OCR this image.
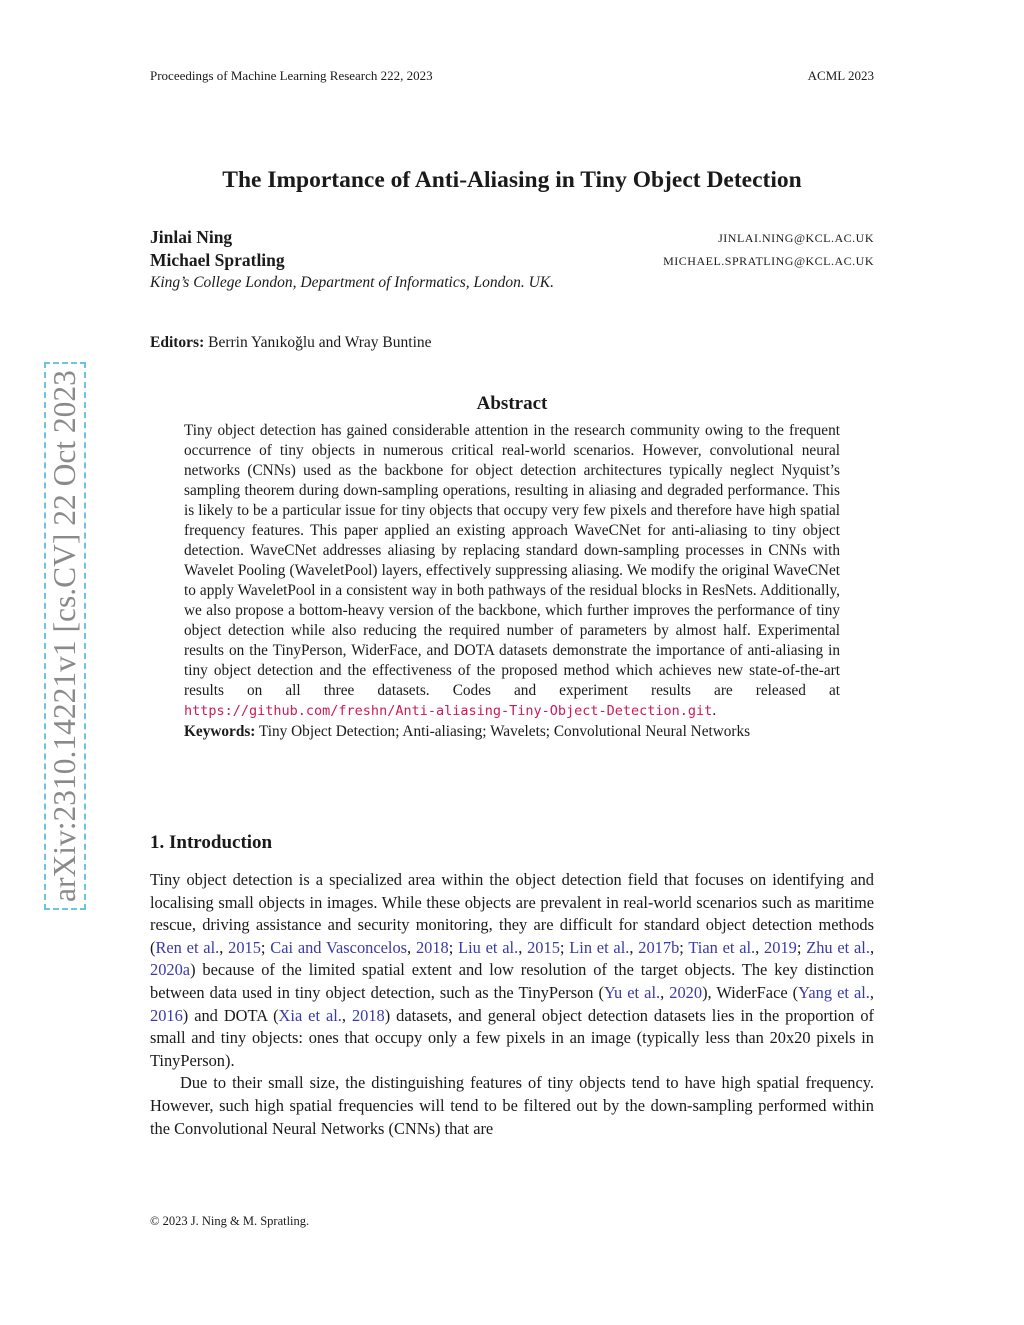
Proceedings of Machine Learning Research 222, 2023	ACML 2023
The Importance of Anti-Aliasing in Tiny Object Detection
Jinlai Ning	JINLAI.NING@KCL.AC.UK
Michael Spratling	MICHAEL.SPRATLING@KCL.AC.UK
King’s College London, Department of Informatics, London. UK.
Editors: Berrin Yanıkoğlu and Wray Buntine
Abstract
Tiny object detection has gained considerable attention in the research community owing to the frequent occurrence of tiny objects in numerous critical real-world scenarios. However, convolutional neural networks (CNNs) used as the backbone for object detection architectures typically neglect Nyquist’s sampling theorem during down-sampling operations, resulting in aliasing and degraded performance. This is likely to be a particular issue for tiny objects that occupy very few pixels and therefore have high spatial frequency features. This paper applied an existing approach WaveCNet for anti-aliasing to tiny object detection. WaveCNet addresses aliasing by replacing standard down-sampling processes in CNNs with Wavelet Pooling (WaveletPool) layers, effectively suppressing aliasing. We modify the original WaveCNet to apply WaveletPool in a consistent way in both pathways of the residual blocks in ResNets. Additionally, we also propose a bottom-heavy version of the backbone, which further improves the performance of tiny object detection while also reducing the required number of parameters by almost half. Experimental results on the TinyPerson, WiderFace, and DOTA datasets demonstrate the importance of anti-aliasing in tiny object detection and the effectiveness of the proposed method which achieves new state-of-the-art results on all three datasets. Codes and experiment results are released at https://github.com/freshn/Anti-aliasing-Tiny-Object-Detection.git.
Keywords: Tiny Object Detection; Anti-aliasing; Wavelets; Convolutional Neural Networks
1. Introduction

Tiny object detection is a specialized area within the object detection field that focuses on identifying and localising small objects in images. While these objects are prevalent in real-world scenarios such as maritime rescue, driving assistance and security monitoring, they are difficult for standard object detection methods (Ren et al., 2015; Cai and Vasconcelos, 2018; Liu et al., 2015; Lin et al., 2017b; Tian et al., 2019; Zhu et al., 2020a) because of the limited spatial extent and low resolution of the target objects. The key distinction between data used in tiny object detection, such as the TinyPerson (Yu et al., 2020), WiderFace (Yang et al., 2016) and DOTA (Xia et al., 2018) datasets, and general object detection datasets lies in the proportion of small and tiny objects: ones that occupy only a few pixels in an image (typically less than 20x20 pixels in TinyPerson).

Due to their small size, the distinguishing features of tiny objects tend to have high spatial frequency. However, such high spatial frequencies will tend to be filtered out by the down-sampling performed within the Convolutional Neural Networks (CNNs) that are

© 2023 J. Ning & M. Spratling.
arXiv:2310.14221v1 [cs.CV] 22 Oct 2023
